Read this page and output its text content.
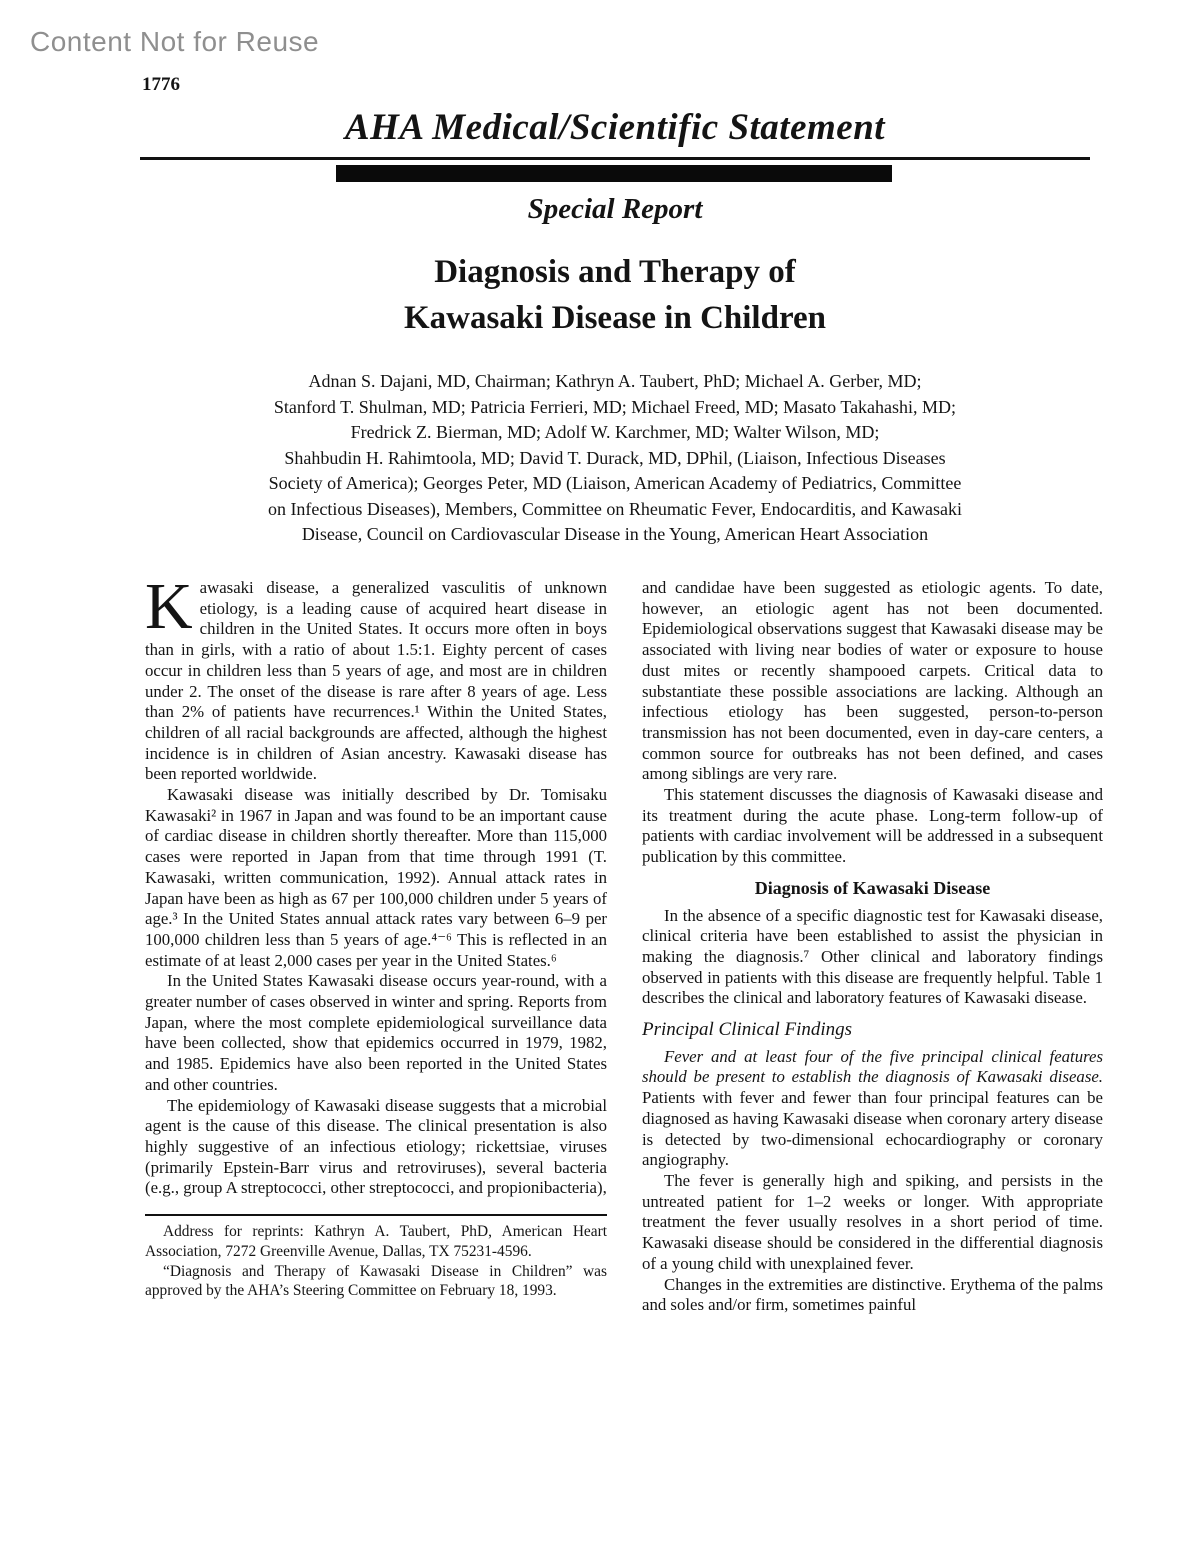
Content Not for Reuse
1776
AHA Medical/Scientific Statement
Special Report
Diagnosis and Therapy of
Kawasaki Disease in Children
Adnan S. Dajani, MD, Chairman; Kathryn A. Taubert, PhD; Michael A. Gerber, MD;
Stanford T. Shulman, MD; Patricia Ferrieri, MD; Michael Freed, MD; Masato Takahashi, MD;
Fredrick Z. Bierman, MD; Adolf W. Karchmer, MD; Walter Wilson, MD;
Shahbudin H. Rahimtoola, MD; David T. Durack, MD, DPhil, (Liaison, Infectious Diseases
Society of America); Georges Peter, MD (Liaison, American Academy of Pediatrics, Committee
on Infectious Diseases), Members, Committee on Rheumatic Fever, Endocarditis, and Kawasaki
Disease, Council on Cardiovascular Disease in the Young, American Heart Association

Kawasaki disease, a generalized vasculitis of unknown etiology, is a leading cause of acquired heart disease in children in the United States. It occurs more often in boys than in girls, with a ratio of about 1.5:1. Eighty percent of cases occur in children less than 5 years of age, and most are in children under 2. The onset of the disease is rare after 8 years of age. Less than 2% of patients have recurrences.¹ Within the United States, children of all racial backgrounds are affected, although the highest incidence is in children of Asian ancestry. Kawasaki disease has been reported worldwide.

Kawasaki disease was initially described by Dr. Tomisaku Kawasaki² in 1967 in Japan and was found to be an important cause of cardiac disease in children shortly thereafter. More than 115,000 cases were reported in Japan from that time through 1991 (T. Kawasaki, written communication, 1992). Annual attack rates in Japan have been as high as 67 per 100,000 children under 5 years of age.³ In the United States annual attack rates vary between 6–9 per 100,000 children less than 5 years of age.⁴⁻⁶ This is reflected in an estimate of at least 2,000 cases per year in the United States.⁶

In the United States Kawasaki disease occurs year-round, with a greater number of cases observed in winter and spring. Reports from Japan, where the most complete epidemiological surveillance data have been collected, show that epidemics occurred in 1979, 1982, and 1985. Epidemics have also been reported in the United States and other countries.

The epidemiology of Kawasaki disease suggests that a microbial agent is the cause of this disease. The clinical presentation is also highly suggestive of an infectious etiology; rickettsiae, viruses (primarily Epstein-Barr virus and retroviruses), several bacteria (e.g., group A streptococci, other streptococci, and propionibacteria),

Address for reprints: Kathryn A. Taubert, PhD, American Heart Association, 7272 Greenville Avenue, Dallas, TX 75231-4596.

“Diagnosis and Therapy of Kawasaki Disease in Children” was approved by the AHA’s Steering Committee on February 18, 1993.

and candidae have been suggested as etiologic agents. To date, however, an etiologic agent has not been documented. Epidemiological observations suggest that Kawasaki disease may be associated with living near bodies of water or exposure to house dust mites or recently shampooed carpets. Critical data to substantiate these possible associations are lacking. Although an infectious etiology has been suggested, person-to-person transmission has not been documented, even in day-care centers, a common source for outbreaks has not been defined, and cases among siblings are very rare.

This statement discusses the diagnosis of Kawasaki disease and its treatment during the acute phase. Long-term follow-up of patients with cardiac involvement will be addressed in a subsequent publication by this committee.

Diagnosis of Kawasaki Disease

In the absence of a specific diagnostic test for Kawasaki disease, clinical criteria have been established to assist the physician in making the diagnosis.⁷ Other clinical and laboratory findings observed in patients with this disease are frequently helpful. Table 1 describes the clinical and laboratory features of Kawasaki disease.

Principal Clinical Findings

Fever and at least four of the five principal clinical features should be present to establish the diagnosis of Kawasaki disease. Patients with fever and fewer than four principal features can be diagnosed as having Kawasaki disease when coronary artery disease is detected by two-dimensional echocardiography or coronary angiography.

The fever is generally high and spiking, and persists in the untreated patient for 1–2 weeks or longer. With appropriate treatment the fever usually resolves in a short period of time. Kawasaki disease should be considered in the differential diagnosis of a young child with unexplained fever.

Changes in the extremities are distinctive. Erythema of the palms and soles and/or firm, sometimes painful
